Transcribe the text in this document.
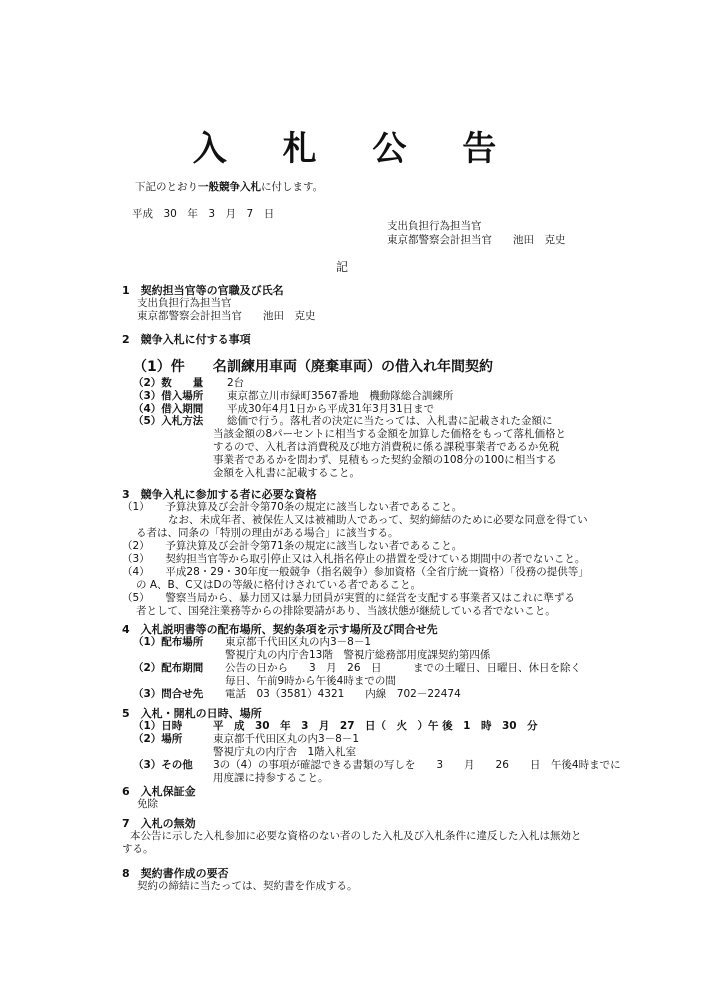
入 札 公 告
下記のとおり一般競争入札に付します。
平成　30　年　3　月　7　日
支出負担行為担当官
東京都警察会計担当官　　池田　克史
記
1　契約担当官等の官職及び氏名
支出負担行為担当官
東京都警察会計担当官　　池田　克史
2　競争入札に付する事項
（1）件　　名 訓練用車両（廃棄車両）の借入れ年間契約
（2）数　　量 2台
（3）借入場所 東京都立川市緑町3567番地　機動隊総合訓練所
（4）借入期間 平成30年4月1日から平成31年3月31日まで
（5）入札方法 総価で行う。落札者の決定に当たっては、入札書に記載された金額に
当該金額の8パーセントに相当する金額を加算した価格をもって落札価格と
するので、入札者は消費税及び地方消費税に係る課税事業者であるか免税
事業者であるかを問わず、見積もった契約金額の108分の100に相当する
金額を入札書に記載すること。
3　競争入札に参加する者に必要な資格
（1）　　予算決算及び会計令第70条の規定に該当しない者であること。
なお、未成年者、被保佐人又は被補助人であって、契約締結のために必要な同意を得てい
る者は、同条の「特別の理由がある場合」に該当する。
（2）　　予算決算及び会計令第71条の規定に該当しない者であること。
（3）　　契約担当官等から取引停止又は入札指名停止の措置を受けている期間中の者でないこと。
（4）　　平成28・29・30年度一般競争（指名競争）参加資格（全省庁統一資格）「役務の提供等」
の A、B、C又はDの等級に格付けされている者であること。
（5）　　警察当局から、暴力団又は暴力団員が実質的に経営を支配する事業者又はこれに準ずる
者として、国発注業務等からの排除要請があり、当該状態が継続している者でないこと。
4　入札説明書等の配布場所、契約条項を示す場所及び問合せ先
（1）配布場所 東京都千代田区丸の内3－8－1
警視庁丸の内庁舎13階　警視庁総務部用度課契約第四係
（2）配布期間 公告の日から　　3　月　26　日　　　までの土曜日、日曜日、休日を除く
毎日、午前9時から午後4時までの間
（3）問合せ先 電話　03（3581）4321　　内線　702－22474
5　入札・開札の日時、場所
（1）日時	平　成　30　年　3　月　27　日（　火　）午 後　1　時　30　分
（2）場所	東京都千代田区丸の内3－8－1
警視庁丸の内庁舎　1階入札室
（3）その他 3の（4）の事項が確認できる書類の写しを　　3　　月　　26　　日　午後4時までに
用度課に持参すること。
6　入札保証金
免除
7　入札の無効
本公告に示した入札参加に必要な資格のない者のした入札及び入札条件に違反した入札は無効と
する。
8　契約書作成の要否
契約の締結に当たっては、契約書を作成する。
